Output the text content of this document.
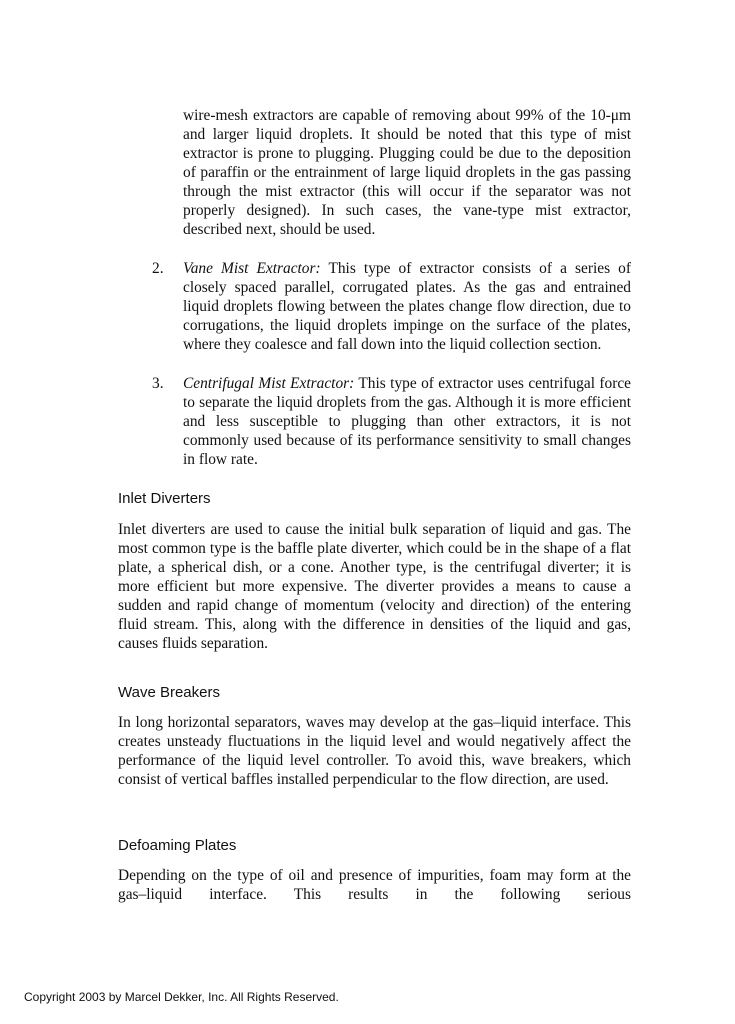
wire-mesh extractors are capable of removing about 99% of the 10-μm and larger liquid droplets. It should be noted that this type of mist extractor is prone to plugging. Plugging could be due to the deposition of paraffin or the entrainment of large liquid droplets in the gas passing through the mist extractor (this will occur if the separator was not properly designed). In such cases, the vane-type mist extractor, described next, should be used.

2.	Vane Mist Extractor: This type of extractor consists of a series of closely spaced parallel, corrugated plates. As the gas and entrained liquid droplets flowing between the plates change flow direction, due to corrugations, the liquid droplets impinge on the surface of the plates, where they coalesce and fall down into the liquid collection section.
3.	Centrifugal Mist Extractor: This type of extractor uses centrifugal force to separate the liquid droplets from the gas. Although it is more efficient and less susceptible to plugging than other extractors, it is not commonly used because of its performance sensitivity to small changes in flow rate.
Inlet Diverters

Inlet diverters are used to cause the initial bulk separation of liquid and gas. The most common type is the baffle plate diverter, which could be in the shape of a flat plate, a spherical dish, or a cone. Another type, is the centrifugal diverter; it is more efficient but more expensive. The diverter provides a means to cause a sudden and rapid change of momentum (velocity and direction) of the entering fluid stream. This, along with the difference in densities of the liquid and gas, causes fluids separation.

Wave Breakers

In long horizontal separators, waves may develop at the gas–liquid interface. This creates unsteady fluctuations in the liquid level and would negatively affect the performance of the liquid level controller. To avoid this, wave breakers, which consist of vertical baffles installed perpendicular to the flow direction, are used.

Defoaming Plates

Depending on the type of oil and presence of impurities, foam may form at the gas–liquid interface. This results in the following serious

Copyright 2003 by Marcel Dekker, Inc. All Rights Reserved.
